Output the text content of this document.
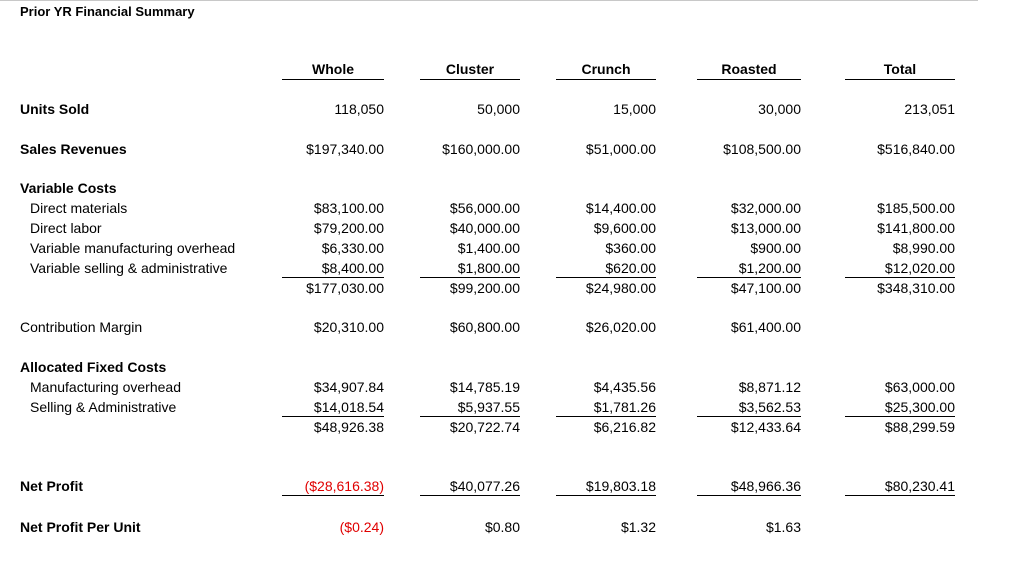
Prior YR Financial Summary
Whole	Cluster	Crunch	Roasted	Total
Units Sold	118,050	50,000	15,000	30,000	213,051
Sales Revenues	$197,340.00	$160,000.00	$51,000.00	$108,500.00	$516,840.00
Variable Costs
Direct materials	$83,100.00	$56,000.00	$14,400.00	$32,000.00	$185,500.00
Direct labor	$79,200.00	$40,000.00	$9,600.00	$13,000.00	$141,800.00
Variable manufacturing overhead	$6,330.00	$1,400.00	$360.00	$900.00	$8,990.00
Variable selling & administrative	$8,400.00	$1,800.00	$620.00	$1,200.00	$12,020.00
$177,030.00	$99,200.00	$24,980.00	$47,100.00	$348,310.00
Contribution Margin	$20,310.00	$60,800.00	$26,020.00	$61,400.00
Allocated Fixed Costs
Manufacturing overhead	$34,907.84	$14,785.19	$4,435.56	$8,871.12	$63,000.00
Selling & Administrative	$14,018.54	$5,937.55	$1,781.26	$3,562.53	$25,300.00
$48,926.38	$20,722.74	$6,216.82	$12,433.64	$88,299.59
Net Profit	($28,616.38)	$40,077.26	$19,803.18	$48,966.36	$80,230.41
Net Profit Per Unit	($0.24)	$0.80	$1.32	$1.63
